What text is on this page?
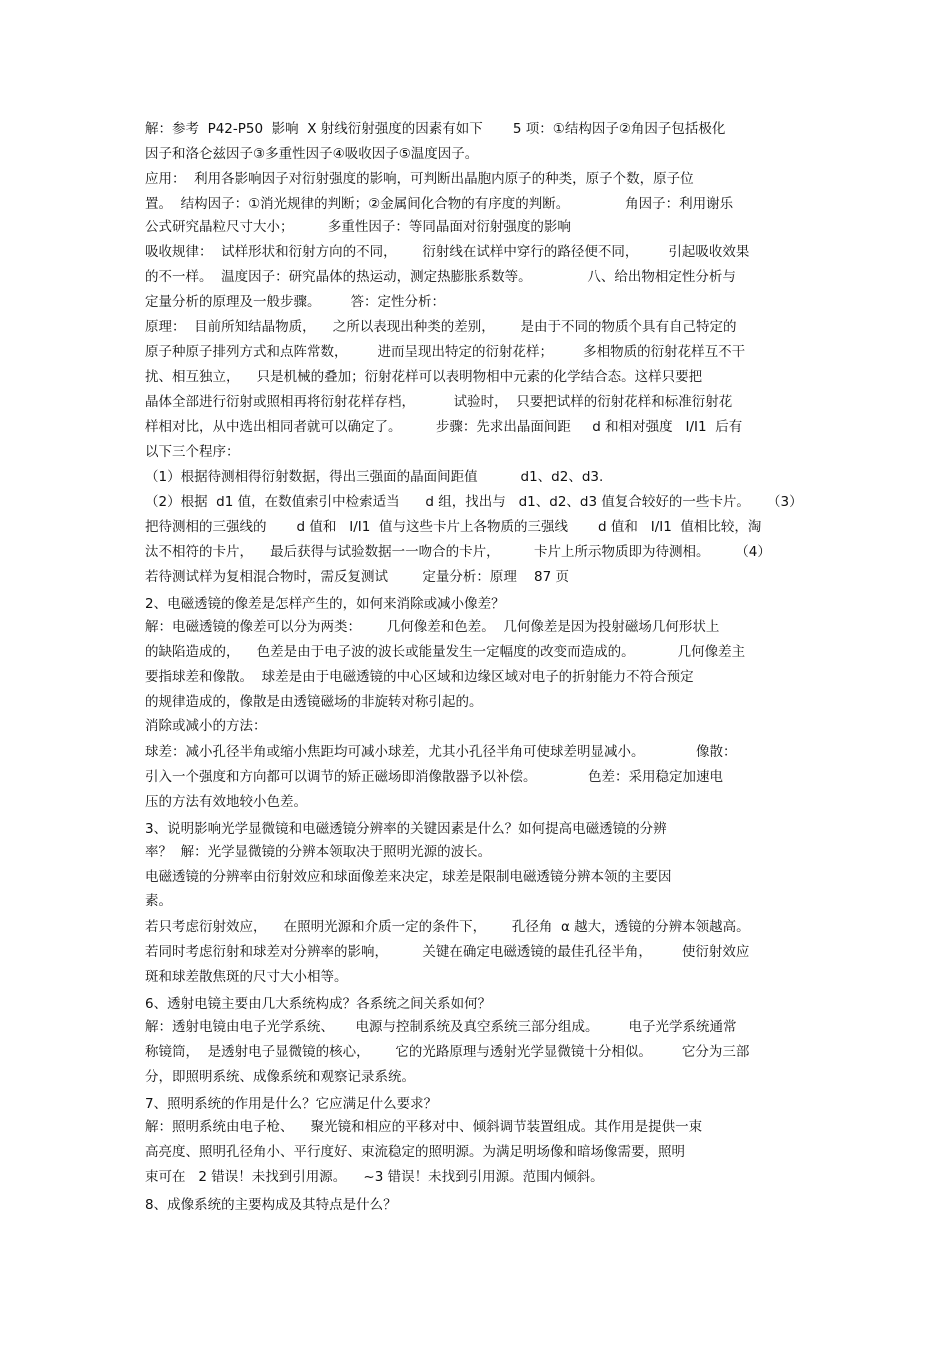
解：参考  P42-P50  影响  X 射线衍射强度的因素有如下       5 项：①结构因子②角因子包括极化
因子和洛仑兹因子③多重性因子④吸收因子⑤温度因子。
应用：  利用各影响因子对衍射强度的影响，可判断出晶胞内原子的种类，原子个数，原子位
置。  结构因子：①消光规律的判断；②金属间化合物的有序度的判断。             角因子：利用谢乐
公式研究晶粒尺寸大小；        多重性因子：等同晶面对衍射强度的影响
吸收规律：  试样形状和衍射方向的不同，      衍射线在试样中穿行的路径便不同，       引起吸收效果
的不一样。  温度因子：研究晶体的热运动，测定热膨胀系数等。             八、给出物相定性分析与
定量分析的原理及一般步骤。       答：定性分析：
原理：  目前所知结晶物质，    之所以表现出种类的差别，      是由于不同的物质个具有自己特定的
原子种原子排列方式和点阵常数，       进而呈现出特定的衍射花样；       多相物质的衍射花样互不干
扰、相互独立，    只是机械的叠加；衍射花样可以表明物相中元素的化学结合态。这样只要把
晶体全部进行衍射或照相再将衍射花样存档，         试验时，  只要把试样的衍射花样和标准衍射花
样相对比，从中选出相同者就可以确定了。        步骤：先求出晶面间距     d 和相对强度   I/I1  后有
以下三个程序：
（1）根据待测相得衍射数据，得出三强面的晶面间距值          d1、d2、d3.
（2）根据  d1 值，在数值索引中检索适当      d 组，找出与   d1、d2、d3 值复合较好的一些卡片。    （3）
把待测相的三强线的       d 值和   I/I1  值与这些卡片上各物质的三强线       d 值和   I/I1  值相比较，淘
汰不相符的卡片，    最后获得与试验数据一一吻合的卡片，        卡片上所示物质即为待测相。      （4）
若待测试样为复相混合物时，需反复测试        定量分析：原理    87 页
2、电磁透镜的像差是怎样产生的，如何来消除或减小像差？
解：电磁透镜的像差可以分为两类：      几何像差和色差。  几何像差是因为投射磁场几何形状上
的缺陷造成的，    色差是由于电子波的波长或能量发生一定幅度的改变而造成的。          几何像差主
要指球差和像散。  球差是由于电磁透镜的中心区域和边缘区域对电子的折射能力不符合预定
的规律造成的，像散是由透镜磁场的非旋转对称引起的。
消除或减小的方法：
球差：减小孔径半角或缩小焦距均可减小球差，尤其小孔径半角可使球差明显减小。            像散：
引入一个强度和方向都可以调节的矫正磁场即消像散器予以补偿。            色差：采用稳定加速电
压的方法有效地较小色差。
3、说明影响光学显微镜和电磁透镜分辨率的关键因素是什么？如何提高电磁透镜的分辨
率？  解：光学显微镜的分辨本领取决于照明光源的波长。
电磁透镜的分辨率由衍射效应和球面像差来决定，球差是限制电磁透镜分辨本领的主要因
素。
若只考虑衍射效应，    在照明光源和介质一定的条件下，      孔径角  α 越大，透镜的分辨本领越高。
若同时考虑衍射和球差对分辨率的影响，        关键在确定电磁透镜的最佳孔径半角，       使衍射效应
斑和球差散焦斑的尺寸大小相等。
6、透射电镜主要由几大系统构成？各系统之间关系如何？
解：透射电镜由电子光学系统、     电源与控制系统及真空系统三部分组成。       电子光学系统通常
称镜筒，  是透射电子显微镜的核心，      它的光路原理与透射光学显微镜十分相似。       它分为三部
分，即照明系统、成像系统和观察记录系统。
7、照明系统的作用是什么？它应满足什么要求？
解：照明系统由电子枪、    聚光镜和相应的平移对中、倾斜调节装置组成。其作用是提供一束
高亮度、照明孔径角小、平行度好、束流稳定的照明源。为满足明场像和暗场像需要，照明
束可在   2 错误！未找到引用源。    ~3 错误！未找到引用源。范围内倾斜。
8、成像系统的主要构成及其特点是什么？
